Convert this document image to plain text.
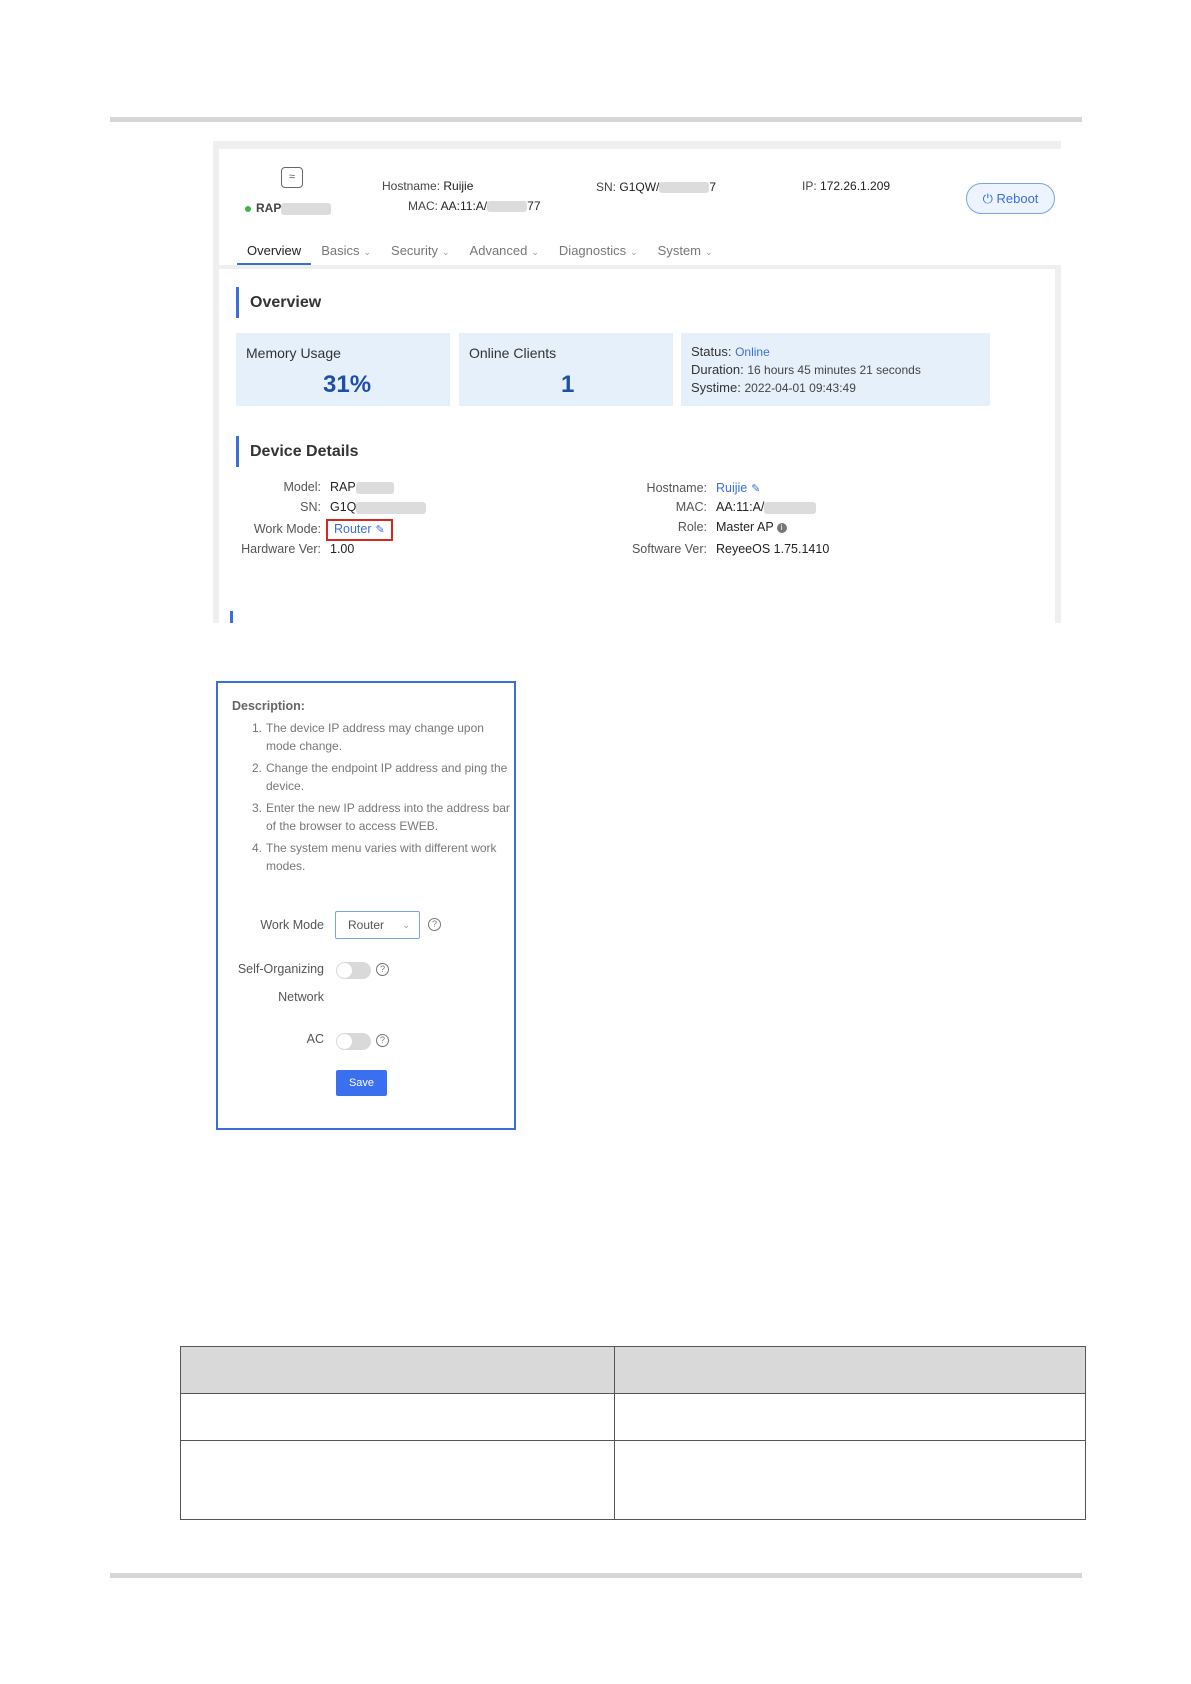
≈
RAP
Hostname: Ruijie
MAC: AA:11:A/	77
SN: G1QW/	7	IP: 172.26.1.209
⏻ Reboot
Overview	Basics ⌄	Security ⌄	Advanced ⌄	Diagnostics ⌄	System ⌄
Overview
Memory Usage
31%
Online Clients
1
Status: Online
Duration: 16 hours 45 minutes 21 seconds
Systime: 2022-04-01 09:43:49
Device Details
Model: RAP
SN: G1Q
Work Mode: Router ✎
Hardware Ver: 1.00
Hostname: Ruijie ✎
MAC: AA:11:A/
Role: Master AP i
Software Ver: ReyeeOS 1.75.1410
Description:
1. The device IP address may change upon mode change.
2. Change the endpoint IP address and ping the device.
3. Enter the new IP address into the address bar of the browser to access EWEB.
4. The system menu varies with different work modes.
Work Mode	Router ⌄	?
Self-Organizing	?
Network
AC	?
Save
